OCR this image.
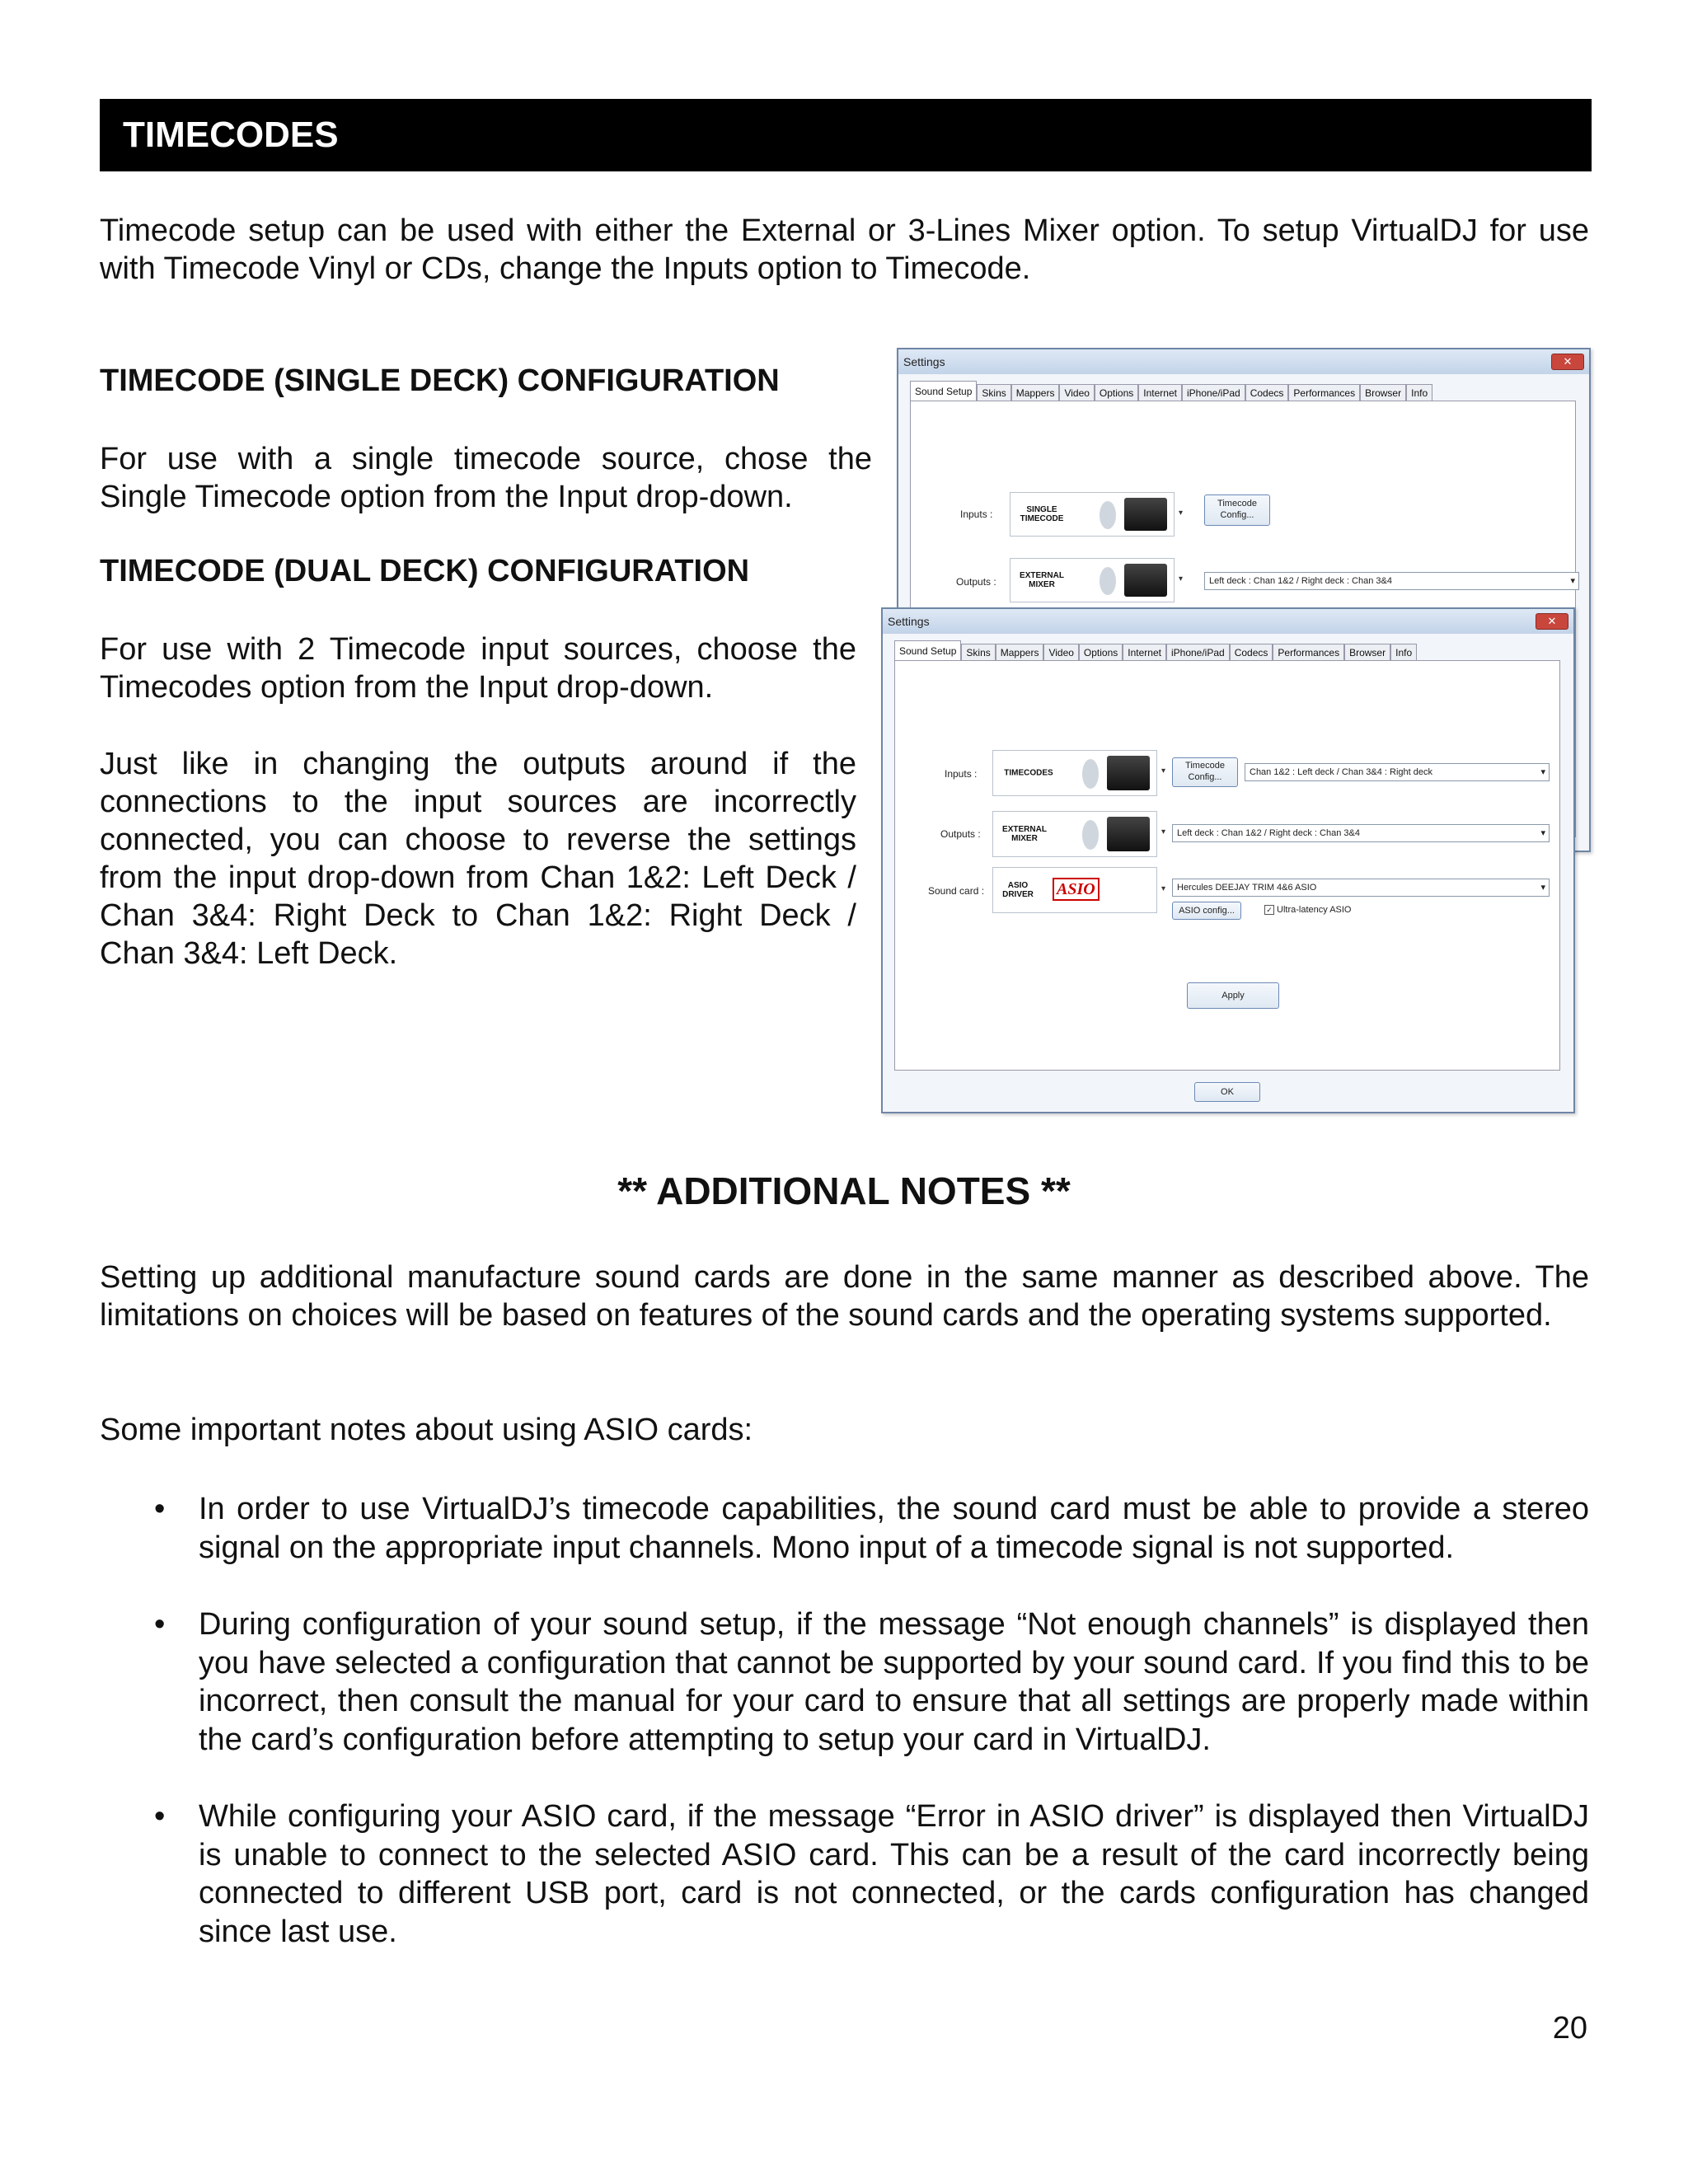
TIMECODES

Timecode setup can be used with either the External or 3-Lines Mixer option. To setup VirtualDJ for use with Timecode Vinyl or CDs, change the Inputs option to Timecode.

TIMECODE (SINGLE DECK) CONFIGURATION

For use with a single timecode source, chose the Single Timecode option from the Input drop-down.

TIMECODE (DUAL DECK) CONFIGURATION

For use with 2 Timecode input sources, choose the Timecodes option from the Input drop-down.

Just like in changing the outputs around if the connections to the input sources are incorrectly connected, you can choose to reverse the settings from the input drop-down from Chan 1&2: Left Deck / Chan 3&4: Right Deck to Chan 1&2: Right Deck / Chan 3&4: Left Deck.

Settings	✕
Sound Setup	Skins	Mappers	Video	Options	Internet	iPhone/iPad	Codecs	Performances	Browser	Info
Inputs :	SINGLE TIMECODE
▾
Timecode Config...
Outputs :
EXTERNAL MIXER
▾	Left deck : Chan 1&2 / Right deck : Chan 3&4 ▾
Settings	✕
Sound Setup	Skins	Mappers	Video	Options	Internet	iPhone/iPad	Codecs	Performances	Browser	Info
Inputs :	TIMECODES	▾
Timecode Config...	Chan 1&2 : Left deck / Chan 3&4 : Right deck ▾
Outputs :	EXTERNAL MIXER
▾	Left deck : Chan 1&2 / Right deck : Chan 3&4 ▾
Sound card :	ASIO DRIVER ASIO	▾	Hercules DEEJAY TRIM 4&6 ASIO ▾
ASIO config...	✓ Ultra-latency ASIO
Apply
OK

** ADDITIONAL NOTES **

Setting up additional manufacture sound cards are done in the same manner as described above. The limitations on choices will be based on features of the sound cards and the operating systems supported.

Some important notes about using ASIO cards:

• In order to use VirtualDJ’s timecode capabilities, the sound card must be able to provide a stereo signal on the appropriate input channels. Mono input of a timecode signal is not supported.
• During configuration of your sound setup, if the message “Not enough channels” is displayed then you have selected a configuration that cannot be supported by your sound card. If you find this to be incorrect, then consult the manual for your card to ensure that all settings are properly made within the card’s configuration before attempting to setup your card in VirtualDJ.
• While configuring your ASIO card, if the message “Error in ASIO driver” is displayed then VirtualDJ is unable to connect to the selected ASIO card. This can be a result of the card incorrectly being connected to different USB port, card is not connected, or the cards configuration has changed since last use.
20
